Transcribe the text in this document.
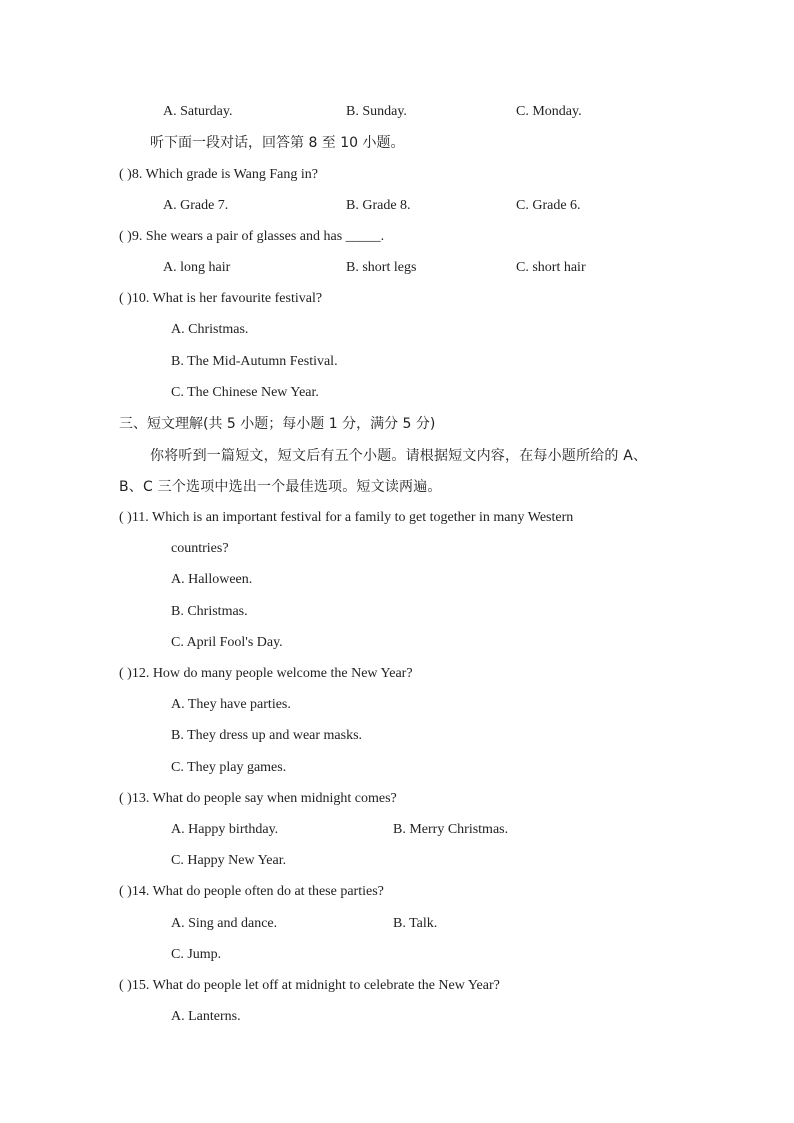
A. Saturday.	B. Sunday.	C. Monday.
听下面一段对话，回答第 8 至 10 小题。
( )8. Which grade is Wang Fang in?
A. Grade 7.	B. Grade 8.	C. Grade 6.
( )9. She wears a pair of glasses and has _____.
A. long hair	B. short legs	C. short hair
( )10. What is her favourite festival?
A. Christmas.
B. The Mid-Autumn Festival.
C. The Chinese New Year.
三、短文理解(共 5 小题；每小题 1 分，满分 5 分)
你将听到一篇短文，短文后有五个小题。请根据短文内容，在每小题所给的 A、
B、C 三个选项中选出一个最佳选项。短文读两遍。
( )11. Which is an important festival for a family to get together in many Western
countries?
A. Halloween.
B. Christmas.
C. April Fool's Day.
( )12. How do many people welcome the New Year?
A. They have parties.
B. They dress up and wear masks.
C. They play games.
( )13. What do people say when midnight comes?
A. Happy birthday.	B. Merry Christmas.
C. Happy New Year.
( )14. What do people often do at these parties?
A. Sing and dance.	B. Talk.
C. Jump.
( )15. What do people let off at midnight to celebrate the New Year?
A. Lanterns.
